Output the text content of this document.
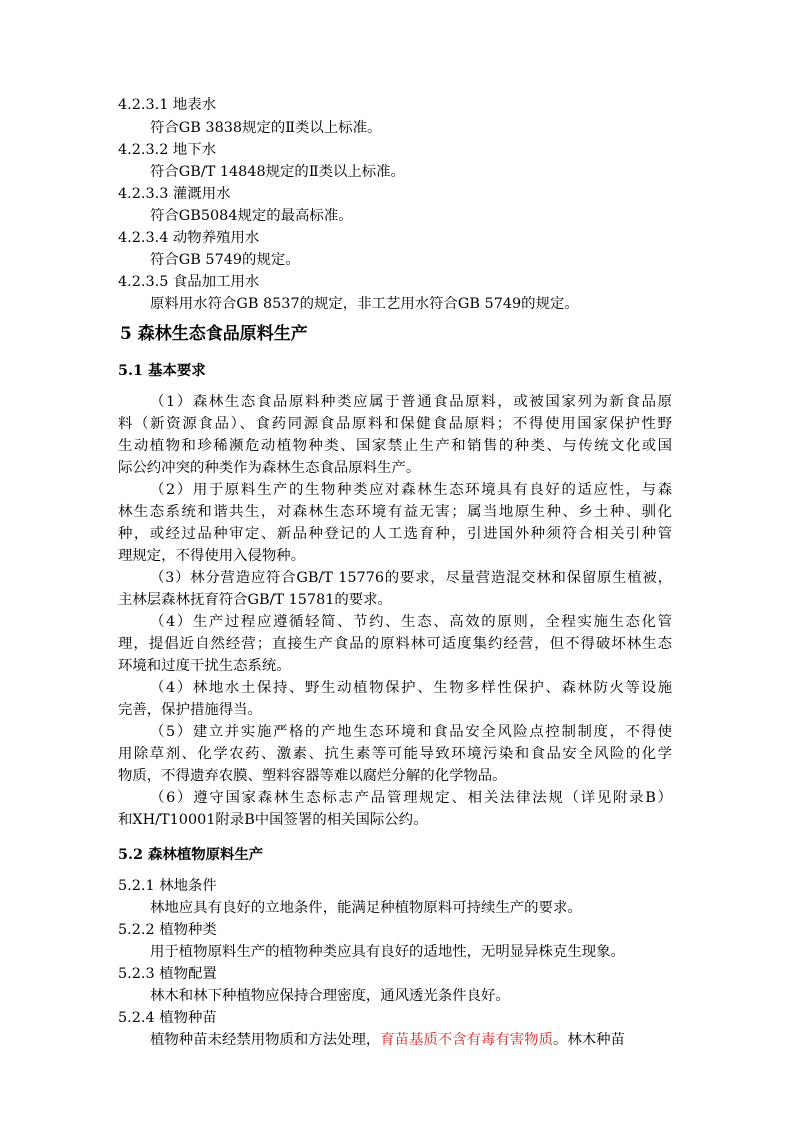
4.2.3.1 地表水
符合GB 3838规定的Ⅱ类以上标准。
4.2.3.2 地下水
符合GB/T 14848规定的Ⅱ类以上标准。
4.2.3.3 灌溉用水
符合GB5084规定的最高标准。
4.2.3.4 动物养殖用水
符合GB 5749的规定。
4.2.3.5 食品加工用水
原料用水符合GB 8537的规定，非工艺用水符合GB 5749的规定。
5 森林生态食品原料生产
5.1 基本要求
（1）森林生态食品原料种类应属于普通食品原料，或被国家列为新食品原
料（新资源食品）、食药同源食品原料和保健食品原料；不得使用国家保护性野
生动植物和珍稀濒危动植物种类、国家禁止生产和销售的种类、与传统文化或国
际公约冲突的种类作为森林生态食品原料生产。
（2）用于原料生产的生物种类应对森林生态环境具有良好的适应性，与森
林生态系统和谐共生，对森林生态环境有益无害；属当地原生种、乡土种、驯化
种，或经过品种审定、新品种登记的人工选育种，引进国外种须符合相关引种管
理规定，不得使用入侵物种。
（3）林分营造应符合GB/T 15776的要求，尽量营造混交林和保留原生植被，
主林层森林抚育符合GB/T 15781的要求。
（4）生产过程应遵循轻简、节约、生态、高效的原则，全程实施生态化管
理，提倡近自然经营；直接生产食品的原料林可适度集约经营，但不得破坏林生态
环境和过度干扰生态系统。
（4）林地水土保持、野生动植物保护、生物多样性保护、森林防火等设施
完善，保护措施得当。
（5）建立并实施严格的产地生态环境和食品安全风险点控制制度，不得使
用除草剂、化学农药、激素、抗生素等可能导致环境污染和食品安全风险的化学
物质，不得遗弃农膜、塑料容器等难以腐烂分解的化学物品。
（6）遵守国家森林生态标志产品管理规定、相关法律法规（详见附录B）
和XH/T10001附录B中国签署的相关国际公约。
5.2 森林植物原料生产
5.2.1 林地条件
林地应具有良好的立地条件，能满足种植物原料可持续生产的要求。
5.2.2 植物种类
用于植物原料生产的植物种类应具有良好的适地性，无明显异株克生现象。
5.2.3 植物配置
林木和林下种植物应保持合理密度，通风透光条件良好。
5.2.4 植物种苗
植物种苗未经禁用物质和方法处理，育苗基质不含有毒有害物质。林木种苗
